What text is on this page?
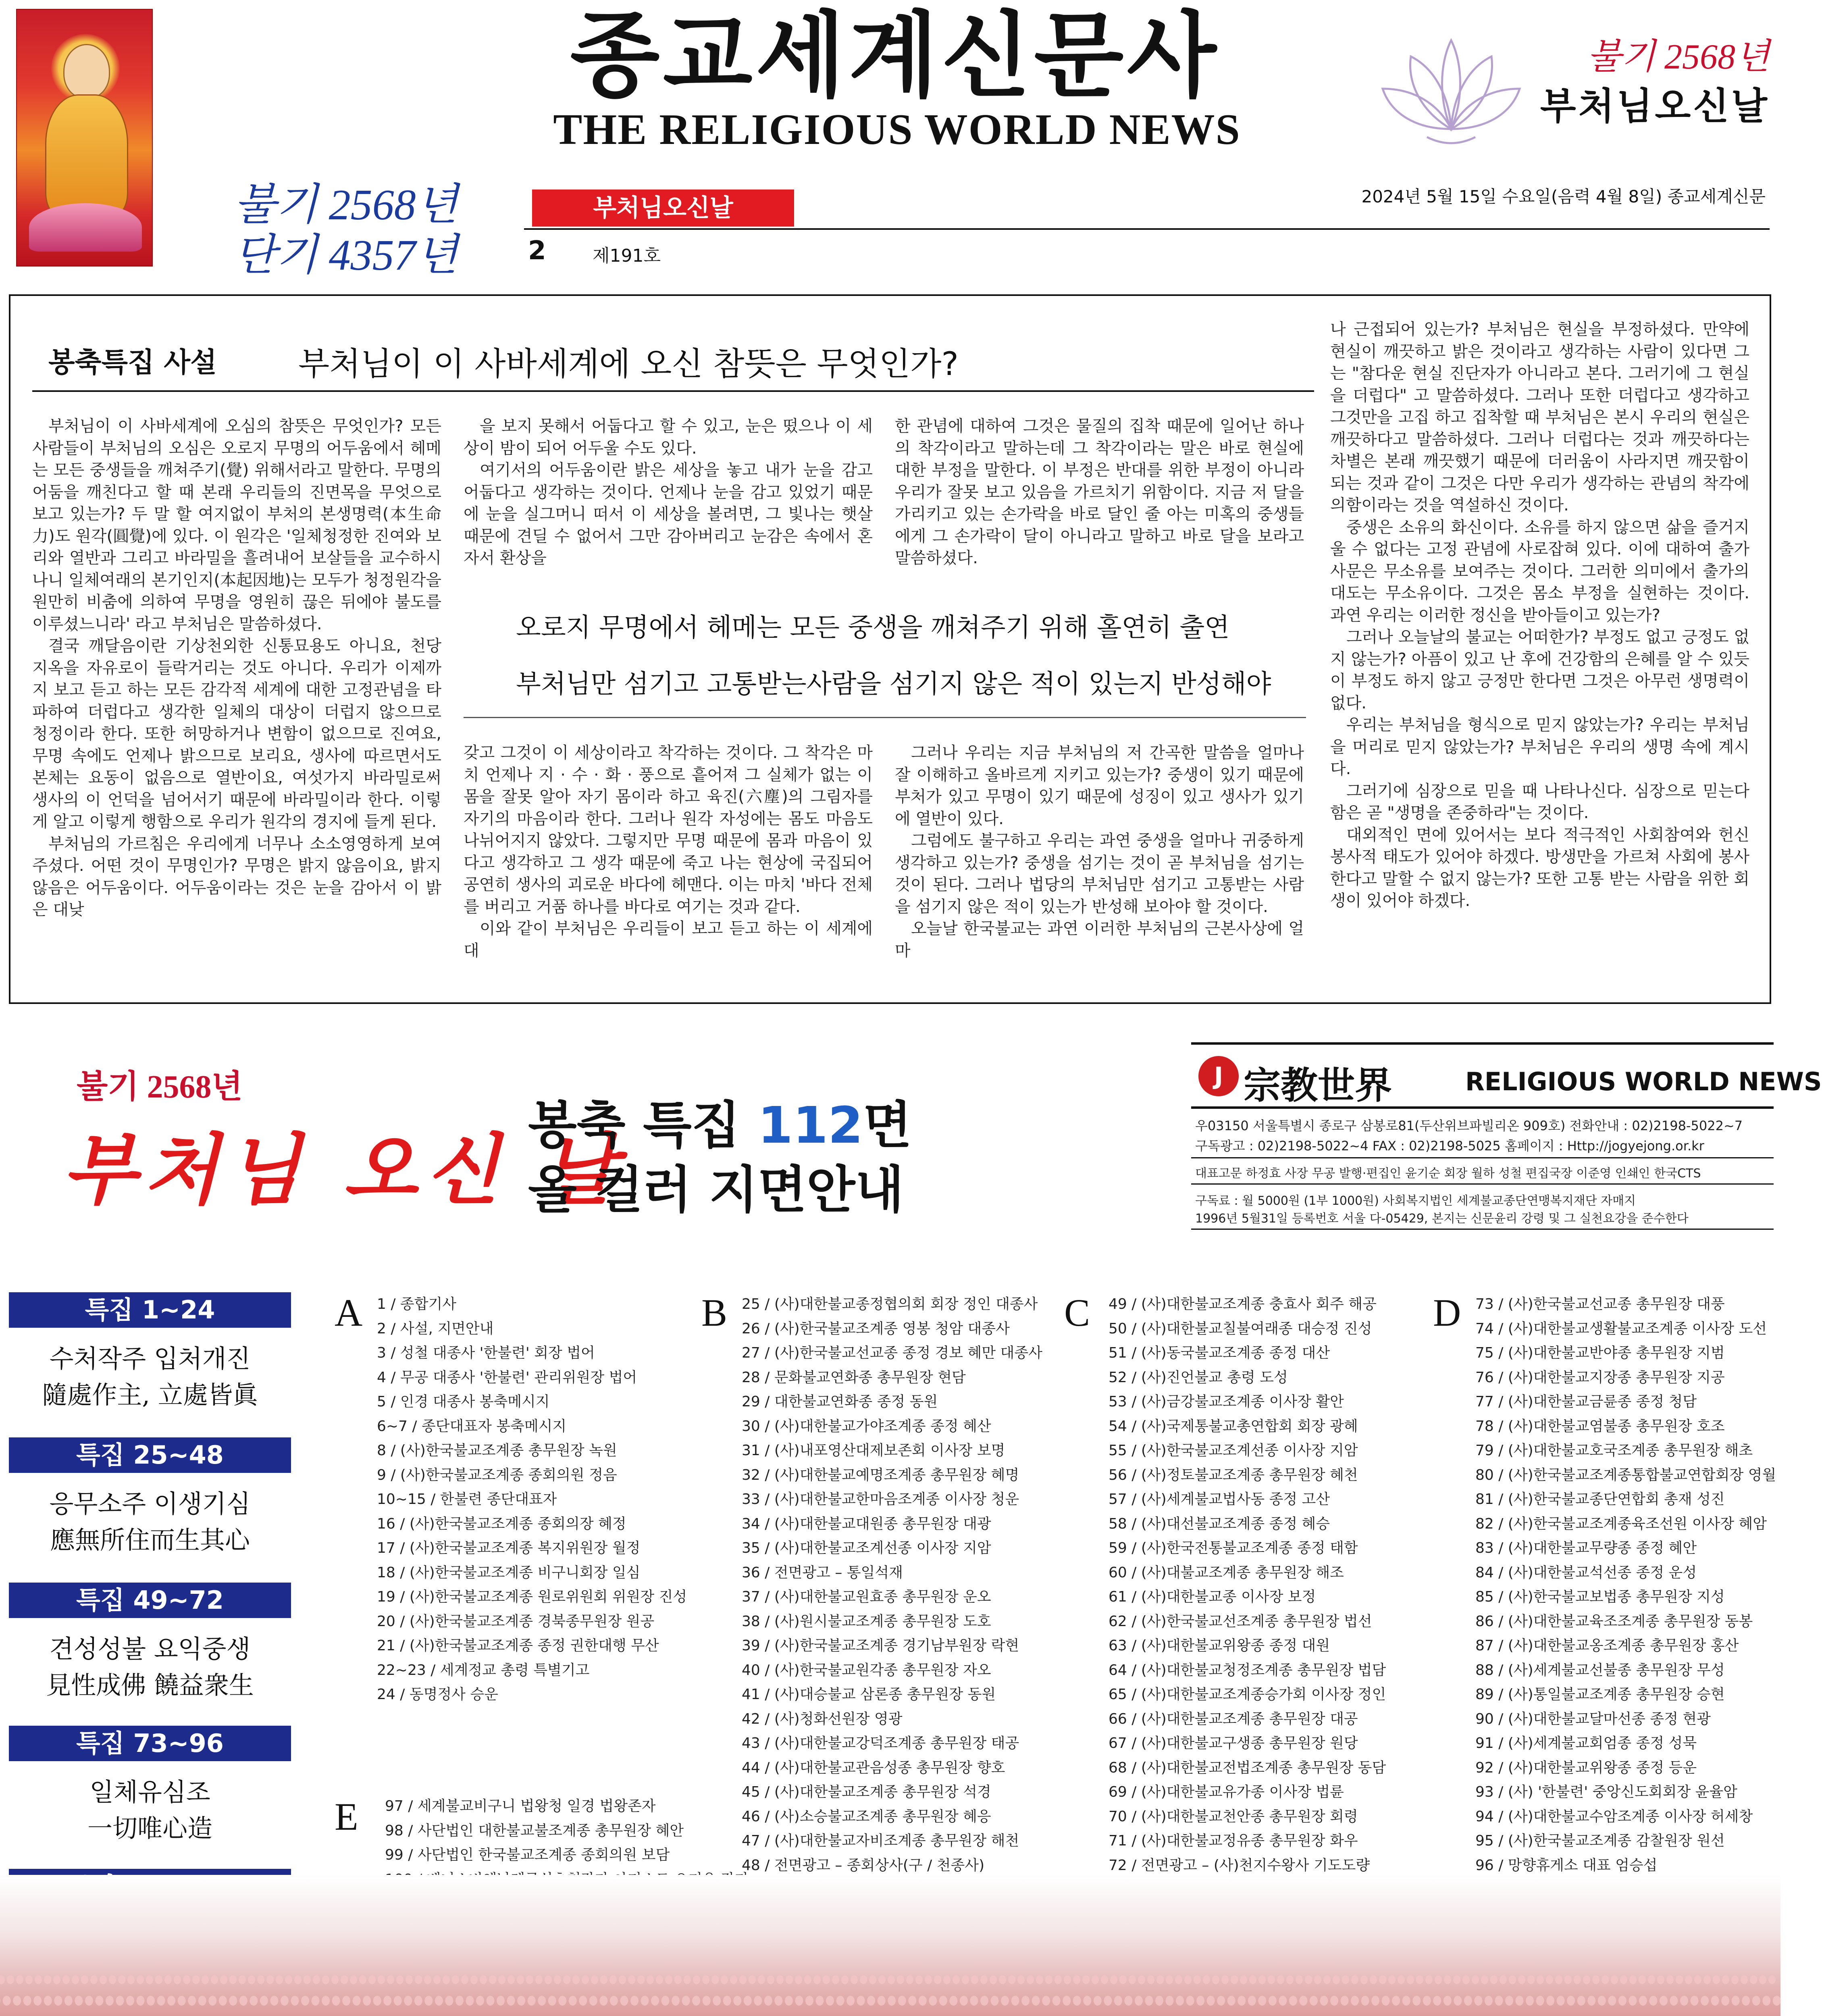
종교세계신문사
THE RELIGIOUS WORLD NEWS
불기 2568년
부처님오신날
불기 2568년
단기 4357년
부처님오신날
2	제191호
2024년 5월 15일 수요일(음력 4월 8일) 종교세계신문
봉축특집 사설	부처님이 이 사바세계에 오신 참뜻은 무엇인가?

부처님이 이 사바세계에 오심의 참뜻은 무엇인가? 모든 사람들이 부처님의 오심은 오로지 무명의 어두움에서 헤메는 모든 중생들을 깨쳐주기(覺) 위해서라고 말한다. 무명의 어둠을 깨친다고 할 때 본래 우리들의 진면목을 무엇으로 보고 있는가? 두 말 할 여지없이 부처의 본생명력(本生命力)도 원각(圓覺)에 있다. 이 원각은 '일체청정한 진여와 보리와 열반과 그리고 바라밀을 흘려내어 보살들을 교수하시나니 일체여래의 본기인지(本起因地)는 모두가 청정원각을 원만히 비춤에 의하여 무명을 영원히 끊은 뒤에야 불도를 이루셨느니라' 라고 부처님은 말씀하셨다.

결국 깨달음이란 기상천외한 신통묘용도 아니요, 천당 지옥을 자유로이 들락거리는 것도 아니다. 우리가 이제까지 보고 듣고 하는 모든 감각적 세계에 대한 고정관념을 타파하여 더럽다고 생각한 일체의 대상이 더럽지 않으므로 청정이라 한다. 또한 허망하거나 변함이 없으므로 진여요, 무명 속에도 언제나 밝으므로 보리요, 생사에 따르면서도 본체는 요동이 없음으로 열반이요, 여섯가지 바라밀로써 생사의 이 언덕을 넘어서기 때문에 바라밀이라 한다. 이렇게 알고 이렇게 행함으로 우리가 원각의 경지에 들게 된다.

부처님의 가르침은 우리에게 너무나 소소영영하게 보여주셨다. 어떤 것이 무명인가? 무명은 밝지 않음이요, 밝지 않음은 어두움이다. 어두움이라는 것은 눈을 감아서 이 밝은 대낮

을 보지 못해서 어둡다고 할 수 있고, 눈은 떴으나 이 세상이 밤이 되어 어두울 수도 있다.

여기서의 어두움이란 밝은 세상을 놓고 내가 눈을 감고 어둡다고 생각하는 것이다. 언제나 눈을 감고 있었기 때문에 눈을 실그머니 떠서 이 세상을 볼려면, 그 빛나는 햇살 때문에 견딜 수 없어서 그만 감아버리고 눈감은 속에서 혼자서 환상을

오로지 무명에서 헤메는 모든 중생을 깨쳐주기 위해 홀연히 출연
부처님만 섬기고 고통받는사람을 섬기지 않은 적이 있는지 반성해야

갖고 그것이 이 세상이라고 착각하는 것이다. 그 착각은 마치 언제나 지 · 수 · 화 · 풍으로 흩어져 그 실체가 없는 이 몸을 잘못 알아 자기 몸이라 하고 육진(六塵)의 그림자를 자기의 마음이라 한다. 그러나 원각 자성에는 몸도 마음도 나뉘어지지 않았다. 그렇지만 무명 때문에 몸과 마음이 있다고 생각하고 그 생각 때문에 죽고 나는 현상에 국집되어 공연히 생사의 괴로운 바다에 헤맨다. 이는 마치 '바다 전체를 버리고 거품 하나를 바다로 여기는 것과 같다.

이와 같이 부처님은 우리들이 보고 듣고 하는 이 세계에 대

한 관념에 대하여 그것은 물질의 집착 때문에 일어난 하나의 착각이라고 말하는데 그 착각이라는 말은 바로 현실에 대한 부정을 말한다. 이 부정은 반대를 위한 부정이 아니라 우리가 잘못 보고 있음을 가르치기 위함이다. 지금 저 달을 가리키고 있는 손가락을 바로 달인 줄 아는 미혹의 중생들에게 그 손가락이 달이 아니라고 말하고 바로 달을 보라고 말씀하셨다.

그러나 우리는 지금 부처님의 저 간곡한 말씀을 얼마나 잘 이해하고 올바르게 지키고 있는가? 중생이 있기 때문에 부처가 있고 무명이 있기 때문에 성징이 있고 생사가 있기에 열반이 있다.

그럼에도 불구하고 우리는 과연 중생을 얼마나 귀중하게 생각하고 있는가? 중생을 섬기는 것이 곧 부처님을 섬기는 것이 된다. 그러나 법당의 부처님만 섬기고 고통받는 사람을 섬기지 않은 적이 있는가 반성해 보아야 할 것이다.

오늘날 한국불교는 과연 이러한 부처님의 근본사상에 얼마

나 근접되어 있는가? 부처님은 현실을 부정하셨다. 만약에 현실이 깨끗하고 밝은 것이라고 생각하는 사람이 있다면 그는 "참다운 현실 진단자가 아니라고 본다. 그러기에 그 현실을 더럽다" 고 말씀하셨다. 그러나 또한 더럽다고 생각하고 그것만을 고집 하고 집착할 때 부처님은 본시 우리의 현실은 깨끗하다고 말씀하셨다. 그러나 더럽다는 것과 깨끗하다는 차별은 본래 깨끗했기 때문에 더러움이 사라지면 깨끗함이 되는 것과 같이 그것은 다만 우리가 생각하는 관념의 착각에 의함이라는 것을 역설하신 것이다.

중생은 소유의 화신이다. 소유를 하지 않으면 삶을 즐거지울 수 없다는 고정 관념에 사로잡혀 있다. 이에 대하여 출가사문은 무소유를 보여주는 것이다. 그러한 의미에서 출가의 대도는 무소유이다. 그것은 몸소 부정을 실현하는 것이다. 과연 우리는 이러한 정신을 받아들이고 있는가?

그러나 오늘날의 불교는 어떠한가? 부정도 없고 긍정도 없지 않는가? 아픔이 있고 난 후에 건강함의 은혜를 알 수 있듯이 부정도 하지 않고 긍정만 한다면 그것은 아무런 생명력이 없다.

우리는 부처님을 형식으로 믿지 않았는가? 우리는 부처님을 머리로 믿지 않았는가? 부처님은 우리의 생명 속에 계시다.

그러기에 심장으로 믿을 때 나타나신다. 심장으로 믿는다 함은 곧 "생명을 존중하라"는 것이다.

대외적인 면에 있어서는 보다 적극적인 사회참여와 헌신 봉사적 태도가 있어야 하겠다. 방생만을 가르쳐 사회에 봉사한다고 말할 수 없지 않는가? 또한 고통 받는 사람을 위한 회생이 있어야 하겠다.

불기 2568년
부처님 오신 날
봉축 특집 112면
올 컬러 지면안내
J 宗教世界	RELIGIOUS WORLD NEWS
우03150 서울특별시 종로구 삼봉로81(두산위브파빌리온 909호) 전화안내 : 02)2198-5022~7
구독광고 : 02)2198-5022~4 FAX : 02)2198-5025 홈페이지 : Http://jogyejong.or.kr
대표고문 하정효 사장 무공 발행·편집인 윤기순 회장 월하 성철 편집국장 이준영 인쇄인 한국CTS
구독료 : 월 5000원 (1부 1000원) 사회복지법인 세계불교종단연맹복지재단 자매지
1996년 5월31일 등록번호 서울 다-05429, 본지는 신문윤리 강령 및 그 실천요강을 준수한다
특집 1~24
수처작주 입처개진
隨處作主, 立處皆眞
특집 25~48
응무소주 이생기심
應無所住而生其心
특집 49~72
견성성불 요익중생
見性成佛 饒益衆生
특집 73~96
일체유심조
一切唯心造
A 1 / 종합기사
2 / 사설, 지면안내
3 / 성철 대종사 '한불련' 회장 법어
4 / 무공 대종사 '한불련' 관리위원장 법어
5 / 인경 대종사 봉축메시지
6~7 / 종단대표자 봉축메시지
8 / (사)한국불교조계종 총무원장 녹원
9 / (사)한국불교조계종 종회의원 정음
10~15 / 한불련 종단대표자
16 / (사)한국불교조계종 종회의장 혜정
17 / (사)한국불교조계종 복지위원장 월정
18 / (사)한국불교조계종 비구니회장 일심
19 / (사)한국불교조계종 원로위원회 위원장 진성
20 / (사)한국불교조계종 경북종무원장 원공
21 / (사)한국불교조계종 종정 권한대행 무산
22~23 / 세계정교 총령 특별기고
24 / 동명정사 승운
B 25 / (사)대한불교종정협의회 회장 정인 대종사
26 / (사)한국불교조계종 영봉 청암 대종사
27 / (사)한국불교선교종 종정 경보 혜만 대종사
28 / 문화불교연화종 총무원장 현담
29 / 대한불교연화종 종정 동원
30 / (사)대한불교가야조계종 종정 혜산
31 / (사)내포영산대제보존회 이사장 보명
32 / (사)대한불교예명조계종 총무원장 혜명
33 / (사)대한불교한마음조계종 이사장 청운
34 / (사)대한불교대원종 총무원장 대광
35 / (사)대한불교조계선종 이사장 지암
36 / 전면광고 – 통일석재
37 / (사)대한불교원효종 총무원장 운오
38 / (사)원시불교조계종 총무원장 도호
39 / (사)한국불교조계종 경기남부원장 락현
40 / (사)한국불교원각종 총무원장 자오
41 / (사)대승불교 삼론종 총무원장 동원
42 / (사)청화선원장 영광
43 / (사)대한불교강덕조계종 총무원장 태공
44 / (사)대한불교관음성종 총무원장 향호
45 / (사)대한불교조계종 총무원장 석경
46 / (사)소승불교조계종 총무원장 혜응
47 / (사)대한불교자비조계종 총무원장 해천
48 / 전면광고 – 종회상사(구 / 천종사)
C 49 / (사)대한불교조계종 충효사 회주 해공
50 / (사)대한불교칠불여래종 대승정 진성
51 / (사)동국불교조계종 종정 대산
52 / (사)진언불교 총령 도성
53 / (사)금강불교조계종 이사장 활안
54 / (사)국제통불교총연합회 회장 광혜
55 / (사)한국불교조계선종 이사장 지암
56 / (사)정토불교조계종 총무원장 혜천
57 / (사)세계불교법사동 종정 고산
58 / (사)대선불교조계종 종정 혜승
59 / (사)한국전통불교조계종 종정 태함
60 / (사)대불교조계종 총무원장 해조
61 / (사)대한불교종 이사장 보정
62 / (사)한국불교선조계종 총무원장 법선
63 / (사)대한불교위왕종 종정 대원
64 / (사)대한불교청정조계종 총무원장 법담
65 / (사)대한불교조계종승가회 이사장 정인
66 / (사)대한불교조계종 총무원장 대공
67 / (사)대한불교구생종 총무원장 원당
68 / (사)대한불교전법조계종 총무원장 동담
69 / (사)대한불교유가종 이사장 법륜
70 / (사)대한불교천안종 총무원장 회령
71 / (사)대한불교정유종 총무원장 화우
72 / 전면광고 – (사)천지수왕사 기도도량
D 73 / (사)한국불교선교종 총무원장 대풍
74 / (사)대한불교생활불교조계종 이사장 도선
75 / (사)대한불교반야종 총무원장 지범
76 / (사)대한불교지장종 총무원장 지공
77 / (사)대한불교금륜종 종정 청담
78 / (사)대한불교염불종 총무원장 호조
79 / (사)대한불교호국조계종 총무원장 해초
80 / (사)한국불교조계종통합불교연합회장 영월
81 / (사)한국불교종단연합회 총재 성진
82 / (사)한국불교조계종육조선원 이사장 혜암
83 / (사)대한불교무량종 종정 혜안
84 / (사)대한불교석선종 종정 운성
85 / (사)한국불교보법종 총무원장 지성
86 / (사)대한불교육조조계종 총무원장 동봉
87 / (사)대한불교옹조계종 총무원장 홍산
88 / (사)세계불교선불종 총무원장 무성
89 / (사)통일불교조계종 총무원장 승현
90 / (사)대한불교달마선종 종정 현광
91 / (사)세계불교회엄종 종정 성묵
92 / (사)대한불교위왕종 종정 등운
93 / (사) '한불련' 중앙신도회회장 윤율암
94 / (사)대한불교수암조계종 이사장 허세창
95 / (사)한국불교조계종 감찰원장 원선
96 / 망향휴게소 대표 엄승섭
E 97 / 세계불교비구니 법왕청 일경 법왕존자
98 / 사단법인 대한불교불조계종 총무원장 혜안
99 / 사단법인 한국불교조계종 종회의원 보담
